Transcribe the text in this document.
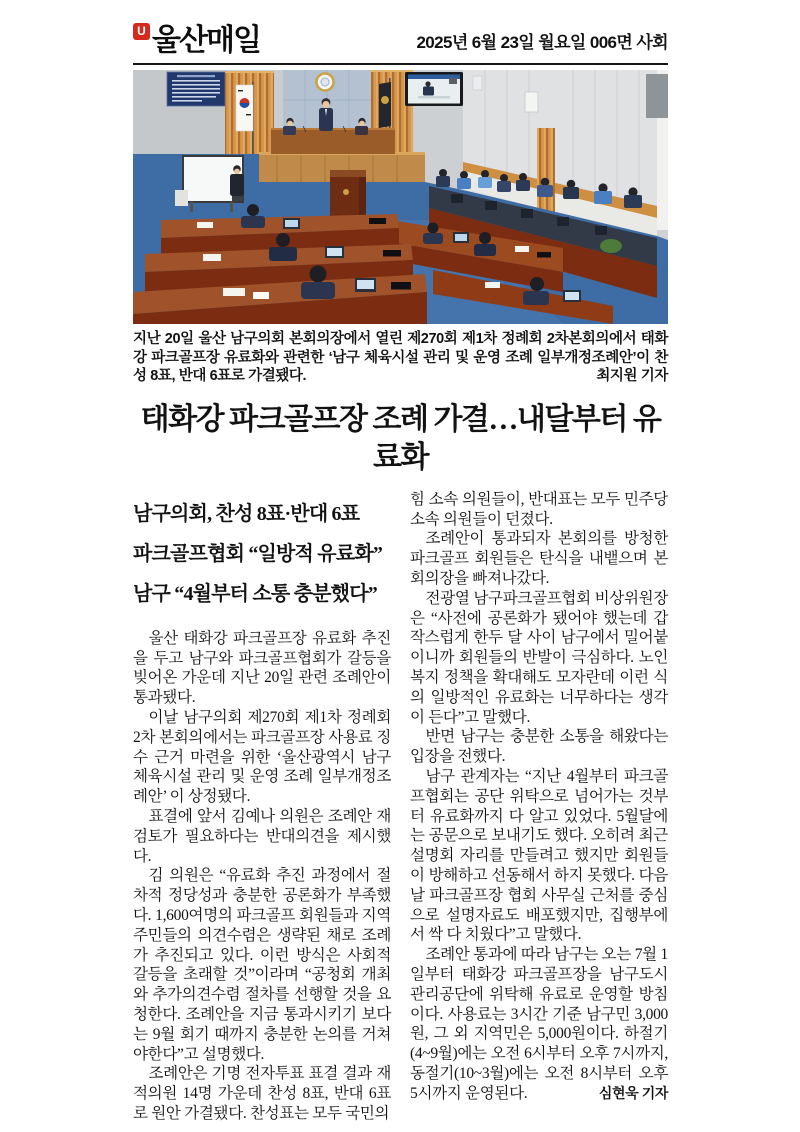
U 울산매일	2025년 6월 23일 월요일 006면 사회

지난 20일 울산 남구의회 본회의장에서 열린 제270회 제1차 정례회 2차본회의에서 태화강 파크골프장 유료화와 관련한 ‘남구 체육시설 관리 및 운영 조례 일부개정조례안’이 찬성 8표, 반대 6표로 가결됐다.	최지원 기자

태화강 파크골프장 조례 가결…내달부터 유료화
남구의회, 찬성 8표·반대 6표
파크골프협회 “일방적 유료화”
남구 “4월부터 소통 충분했다”

울산 태화강 파크골프장 유료화 추진을 두고 남구와 파크골프협회가 갈등을 빚어온 가운데 지난 20일 관련 조례안이 통과됐다.

이날 남구의회 제270회 제1차 정례회 2차 본회의에서는 파크골프장 사용료 징수 근거 마련을 위한 ‘울산광역시 남구 체육시설 관리 및 운영 조례 일부개정조례안’ 이 상정됐다.

표결에 앞서 김예나 의원은 조례안 재검토가 필요하다는 반대의견을 제시했다.

김 의원은 “유료화 추진 과정에서 절차적 정당성과 충분한 공론화가 부족했다. 1,600여명의 파크골프 회원들과 지역 주민들의 의견수렴은 생략된 채로 조례가 추진되고 있다. 이런 방식은 사회적 갈등을 초래할 것”이라며 “공청회 개최와 추가의견수렴 절차를 선행할 것을 요청한다. 조례안을 지금 통과시키기 보다는 9월 회기 때까지 충분한 논의를 거쳐야한다”고 설명했다.

조례안은 기명 전자투표 표결 결과 재적의원 14명 가운데 찬성 8표, 반대 6표로 원안 가결됐다. 찬성표는 모두 국민의

힘 소속 의원들이, 반대표는 모두 민주당 소속 의원들이 던졌다.

조례안이 통과되자 본회의를 방청한 파크골프 회원들은 탄식을 내뱉으며 본회의장을 빠져나갔다.

전광열 남구파크골프협회 비상위원장은 “사전에 공론화가 됐어야 했는데 갑작스럽게 한두 달 사이 남구에서 밀어붙이니까 회원들의 반발이 극심하다. 노인복지 정책을 확대해도 모자란데 이런 식의 일방적인 유료화는 너무하다는 생각이 든다”고 말했다.

반면 남구는 충분한 소통을 해왔다는 입장을 전했다.

남구 관계자는 “지난 4월부터 파크골프협회는 공단 위탁으로 넘어가는 것부터 유료화까지 다 알고 있었다. 5월달에는 공문으로 보내기도 했다. 오히려 최근 설명회 자리를 만들려고 했지만 회원들이 방해하고 선동해서 하지 못했다. 다음 날 파크골프장 협회 사무실 근처를 중심으로 설명자료도 배포했지만, 집행부에서 싹 다 치웠다”고 말했다.

조례안 통과에 따라 남구는 오는 7월 1일부터 태화강 파크골프장을 남구도시관리공단에 위탁해 유료로 운영할 방침이다. 사용료는 3시간 기준 남구민 3,000원, 그 외 지역민은 5,000원이다. 하절기(4~9월)에는 오전 6시부터 오후 7시까지, 동절기(10~3월)에는 오전 8시부터 오후 5시까지 운영된다.	심현욱 기자
